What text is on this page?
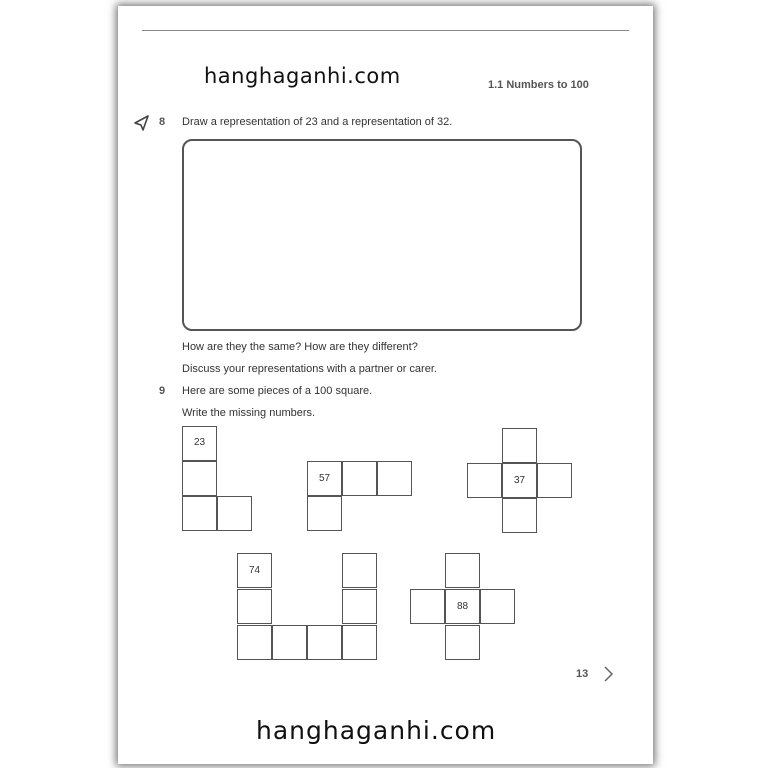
hanghaganhi.com	1.1 Numbers to 100
8 Draw a representation of 23 and a representation of 32.
How are they the same? How are they different?
Discuss your representations with a partner or carer.
9 Here are some pieces of a 100 square.
Write the missing numbers.
23
57	37
74
88
13
hanghaganhi.com
